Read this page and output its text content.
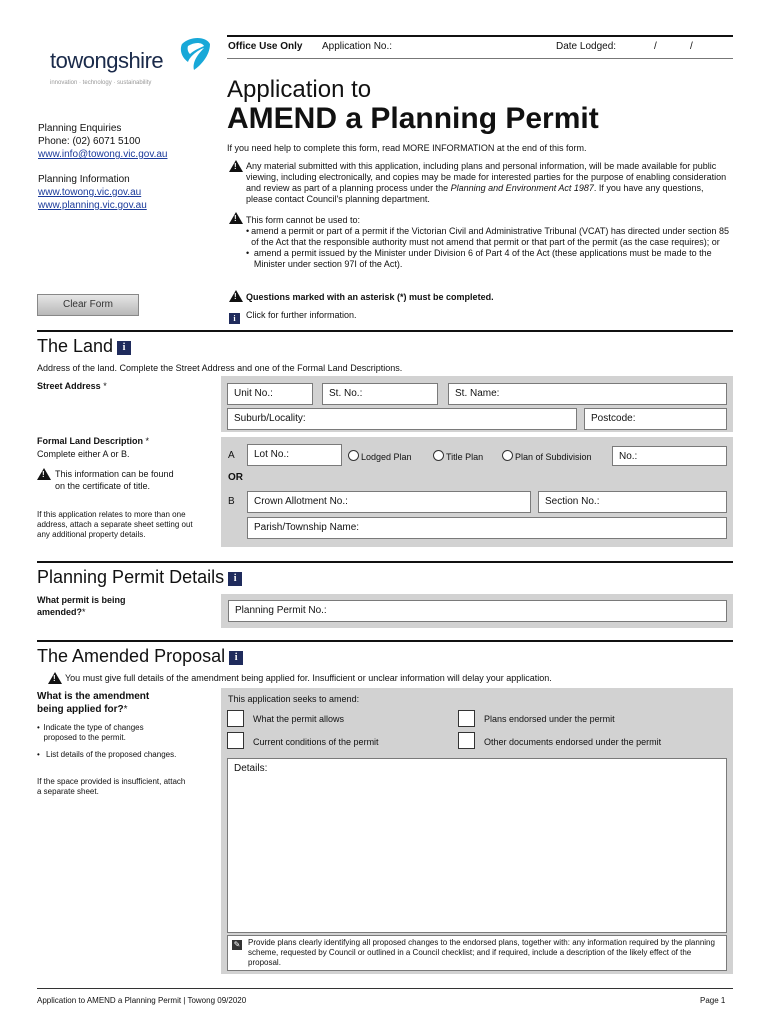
Office Use Only Application No.:	Date Lodged:	/	/
towongshire
innovation · technology · sustainability
Planning Enquiries
Phone: (02) 6071 5100
www.info@towong.vic.gov.au
Planning Information
www.towong.vic.gov.au
www.planning.vic.gov.au
Clear Form
Application to
AMEND a Planning Permit
If you need help to complete this form, read MORE INFORMATION at the end of this form.
!
Any material submitted with this application, including plans and personal information, will be made available for public viewing, including electronically, and copies may be made for interested parties for the purpose of enabling consideration and review as part of a planning process under the Planning and Environment Act 1987. If you have any questions, please contact Council's planning department.
!
This form cannot be used to:
• amend a permit or part of a permit if the Victorian Civil and Administrative Tribunal (VCAT) has directed under section 85 of the Act that the responsible authority must not amend that permit or that part of the permit (as the case requires); or
• amend a permit issued by the Minister under Division 6 of Part 4 of the Act (these applications must be made to the Minister under section 97I of the Act).
!
Questions marked with an asterisk (*) must be completed.
i	Click for further information.
The Land i
Address of the land. Complete the Street Address and one of the Formal Land Descriptions.
Street Address *
Unit No.:	St. No.:	St. Name:
Suburb/Locality:	Postcode:
Formal Land Description *
Complete either A or B.
!
This information can be found on the certificate of title.
If this application relates to more than one address, attach a separate sheet setting out any additional property details.
A	Lot No.:	Lodged Plan	Title Plan	Plan of Subdivision	No.:
OR
B	Crown Allotment No.:	Section No.:
Parish/Township Name:
Planning Permit Details i
What permit is being amended?*	Planning Permit No.:
The Amended Proposal i
!
You must give full details of the amendment being applied for. Insufficient or unclear information will delay your application.
What is the amendment being applied for?*
• Indicate the type of changes proposed to the permit.
• List details of the proposed changes.
If the space provided is insufficient, attach a separate sheet.
This application seeks to amend:
What the permit allows	Plans endorsed under the permit
Current conditions of the permit	Other documents endorsed under the permit
Details:
✎ Provide plans clearly identifying all proposed changes to the endorsed plans, together with: any information required by the planning scheme, requested by Council or outlined in a Council checklist; and if required, include a description of the likely effect of the proposal.
Application to AMEND a Planning Permit | Towong 09/2020	Page 1
